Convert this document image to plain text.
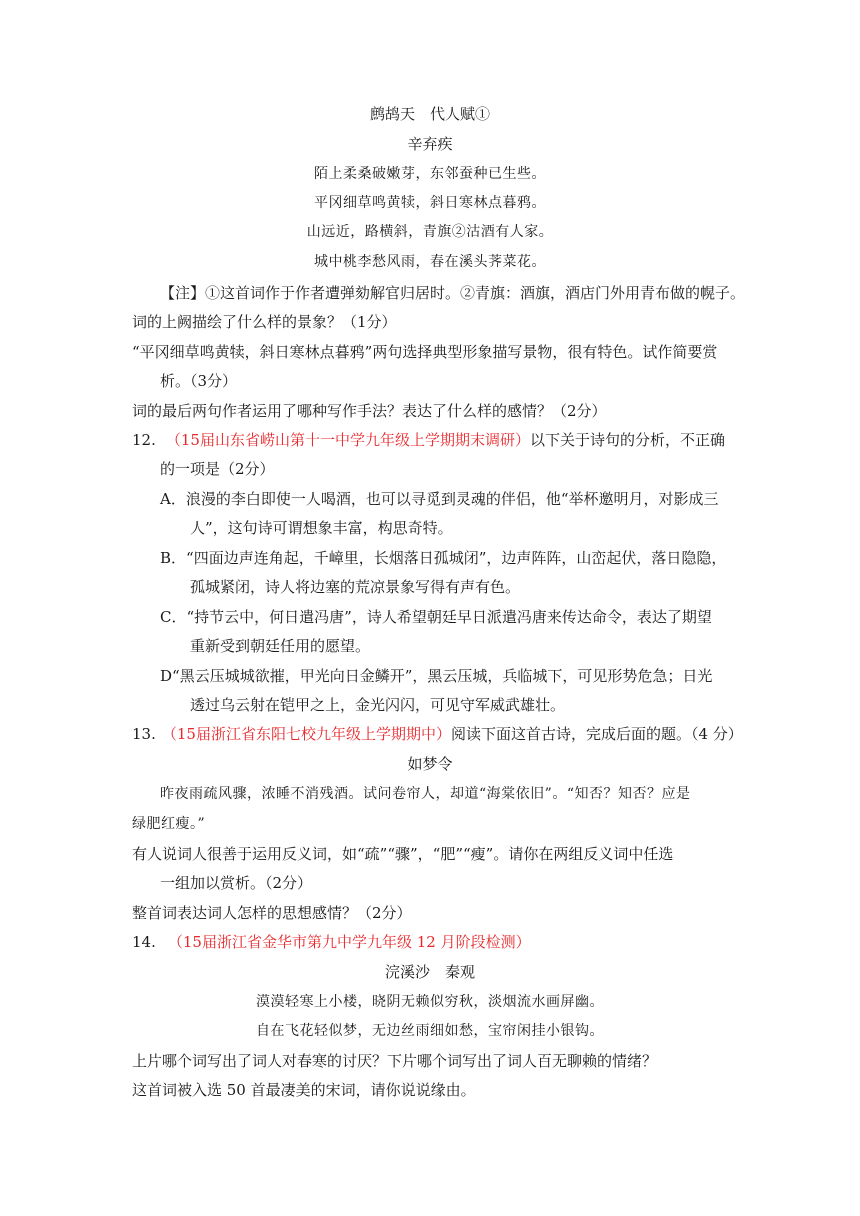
鹧鸪天　代人赋①
辛弃疾
陌上柔桑破嫩芽，东邻蚕种已生些。
平冈细草鸣黄犊，斜日寒林点暮鸦。
山远近，路横斜，青旗②沽酒有人家。
城中桃李愁风雨，春在溪头荠菜花。
【注】①这首词作于作者遭弹劾解官归居时。②青旗：酒旗，酒店门外用青布做的幌子。
词的上阙描绘了什么样的景象？（1分）
“平冈细草鸣黄犊，斜日寒林点暮鸦”两句选择典型形象描写景物，很有特色。试作简要赏
析。（3分）
词的最后两句作者运用了哪种写作手法？表达了什么样的感情？（2分）
12. （15届山东省崂山第十一中学九年级上学期期末调研）以下关于诗句的分析，不正确
的一项是（2分）
A．浪漫的李白即使一人喝酒，也可以寻觅到灵魂的伴侣，他“举杯邀明月，对影成三
人”，这句诗可谓想象丰富，构思奇特。
B．“四面边声连角起，千嶂里，长烟落日孤城闭”，边声阵阵，山峦起伏，落日隐隐，
孤城紧闭，诗人将边塞的荒凉景象写得有声有色。
C．“持节云中，何日遣冯唐”，诗人希望朝廷早日派遣冯唐来传达命令，表达了期望
重新受到朝廷任用的愿望。
D“黑云压城城欲摧，甲光向日金鳞开”，黑云压城，兵临城下，可见形势危急；日光
透过乌云射在铠甲之上，金光闪闪，可见守军威武雄壮。
13. （15届浙江省东阳七校九年级上学期期中）阅读下面这首古诗，完成后面的题。（4 分）
如梦令
昨夜雨疏风骤，浓睡不消残酒。试问卷帘人，却道“海棠依旧”。“知否？知否？应是
绿肥红瘦。”
有人说词人很善于运用反义词，如“疏”“骤”，“肥”“瘦”。请你在两组反义词中任选
一组加以赏析。（2分）
整首词表达词人怎样的思想感情？（2分）
14. （15届浙江省金华市第九中学九年级 12 月阶段检测）
浣溪沙　秦观
漠漠轻寒上小楼，晓阴无赖似穷秋，淡烟流水画屏幽。
自在飞花轻似梦，无边丝雨细如愁，宝帘闲挂小银钩。
上片哪个词写出了词人对春寒的讨厌？下片哪个词写出了词人百无聊赖的情绪？
这首词被入选 50 首最凄美的宋词，请你说说缘由。
